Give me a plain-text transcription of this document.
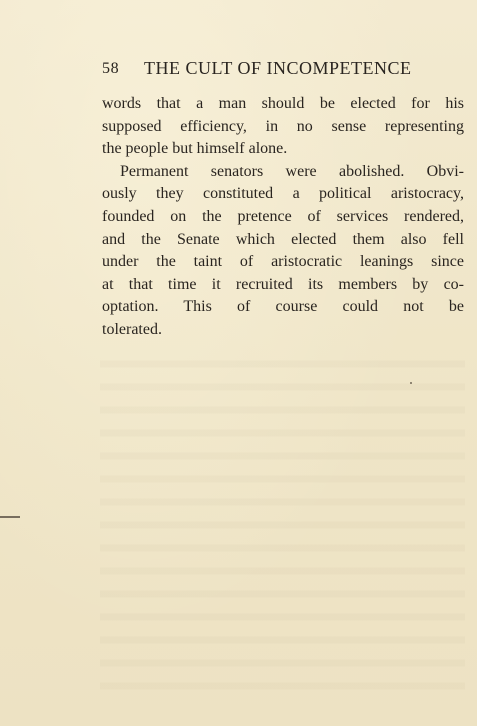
58 THE CULT OF INCOMPETENCE
words that a man should be elected for his
supposed efficiency, in no sense representing
the people but himself alone.
Permanent senators were abolished. Obvi-
ously they constituted a political aristocracy,
founded on the pretence of services rendered,
and the Senate which elected them also fell
under the taint of aristocratic leanings since
at that time it recruited its members by co-
optation. This of course could not be
tolerated.
